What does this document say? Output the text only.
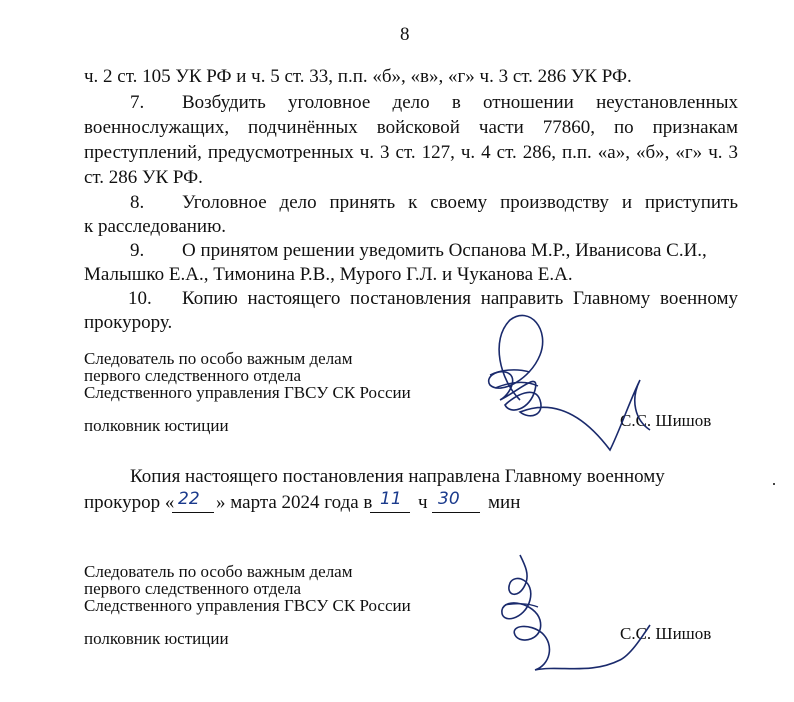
8
ч. 2 ст. 105 УК РФ и ч. 5 ст. 33, п.п. «б», «в», «г» ч. 3 ст. 286 УК РФ.
7. Возбудить уголовное дело в отношении неустановленных
военнослужащих, подчинённых войсковой части 77860, по признакам
преступлений, предусмотренных ч. 3 ст. 127, ч. 4 ст. 286, п.п. «а», «б», «г» ч. 3
ст. 286 УК РФ.
8. Уголовное дело принять к своему производству и приступить
к расследованию.
9. О принятом решении уведомить Оспанова М.Р., Иванисова С.И.,
Малышко Е.А., Тимонина Р.В., Мурого Г.Л. и Чуканова Е.А.
10. Копию настоящего постановления направить Главному военному
прокурору.
Следователь по особо важным делам
первого следственного отдела
Следственного управления ГВСУ СК России
полковник юстиции	С.С. Шишов
Копия настоящего постановления направлена Главному военному
прокурор « 22 » марта 2024 года в 11 ч 30 мин
Следователь по особо важным делам
первого следственного отдела
Следственного управления ГВСУ СК России
полковник юстиции	С.С. Шишов
